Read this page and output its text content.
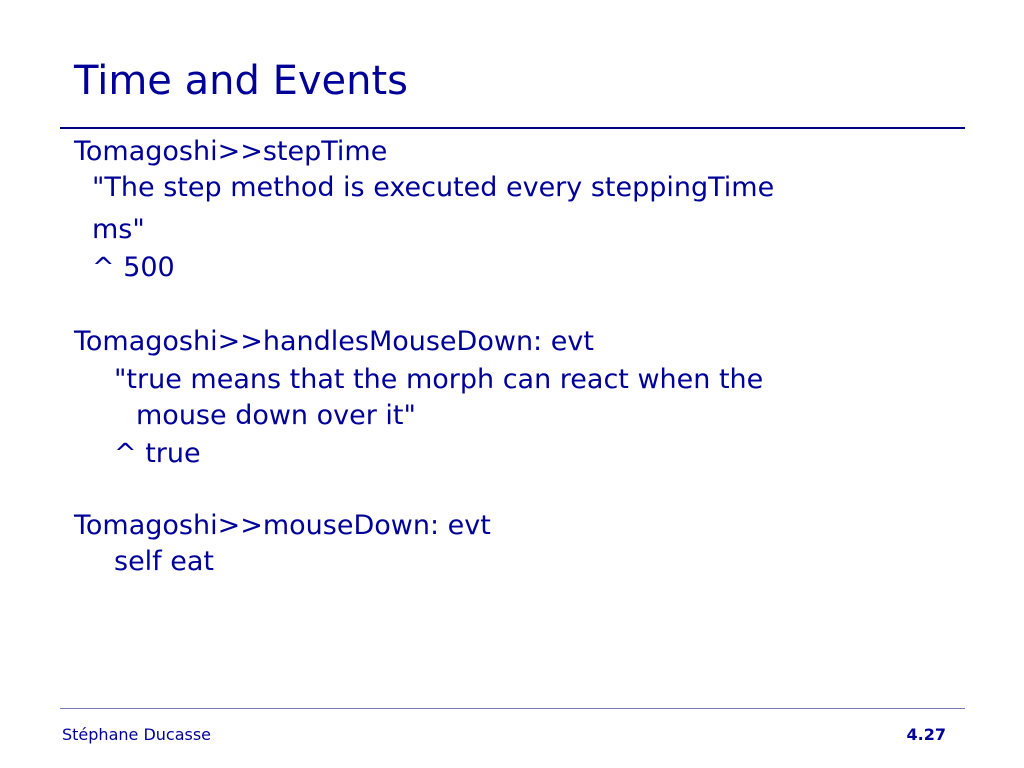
Time and Events
Tomagoshi>>stepTime
"The step method is executed every steppingTime
ms"
^ 500
Tomagoshi>>handlesMouseDown: evt
"true means that the morph can react when the
mouse down over it"
^ true
Tomagoshi>>mouseDown: evt
self eat
Stéphane Ducasse	4.27
